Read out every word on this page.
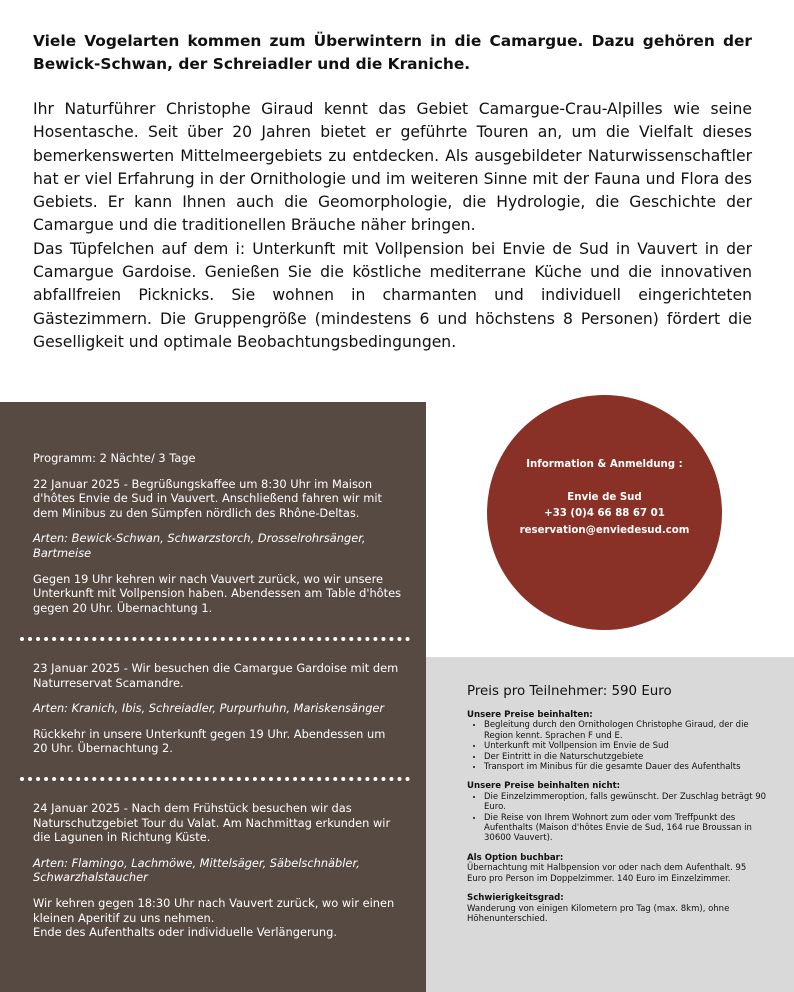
Viele Vogelarten kommen zum Überwintern in die Camargue. Dazu gehören der Bewick-Schwan, der Schreiadler und die Kraniche.

Ihr Naturführer Christophe Giraud kennt das Gebiet Camargue-Crau-Alpilles wie seine Hosentasche. Seit über 20 Jahren bietet er geführte Touren an, um die Vielfalt dieses bemerkenswerten Mittelmeergebiets zu entdecken. Als ausgebildeter Naturwissenschaftler hat er viel Erfahrung in der Ornithologie und im weiteren Sinne mit der Fauna und Flora des Gebiets. Er kann Ihnen auch die Geomorphologie, die Hydrologie, die Geschichte der Camargue und die traditionellen Bräuche näher bringen.

Das Tüpfelchen auf dem i: Unterkunft mit Vollpension bei Envie de Sud in Vauvert in der Camargue Gardoise. Genießen Sie die köstliche mediterrane Küche und die innovativen abfallfreien Picknicks. Sie wohnen in charmanten und individuell eingerichteten Gästezimmern. Die Gruppengröße (mindestens 6 und höchstens 8 Personen) fördert die Geselligkeit und optimale Beobachtungsbedingungen.

Programm: 2 Nächte/ 3 Tage

22 Januar 2025 - Begrüßungskaffee um 8:30 Uhr im Maison d'hôtes Envie de Sud in Vauvert. Anschließend fahren wir mit dem Minibus zu den Sümpfen nördlich des Rhône-Deltas.

Arten: Bewick-Schwan, Schwarzstorch, Drosselrohrsänger, Bartmeise

Gegen 19 Uhr kehren wir nach Vauvert zurück, wo wir unsere Unterkunft mit Vollpension haben. Abendessen am Table d'hôtes gegen 20 Uhr. Übernachtung 1.

23 Januar 2025 - Wir besuchen die Camargue Gardoise mit dem Naturreservat Scamandre.

Arten: Kranich, Ibis, Schreiadler, Purpurhuhn, Mariskensänger

Rückkehr in unsere Unterkunft gegen 19 Uhr. Abendessen um 20 Uhr. Übernachtung 2.

24 Januar 2025 - Nach dem Frühstück besuchen wir das Naturschutzgebiet Tour du Valat. Am Nachmittag erkunden wir die Lagunen in Richtung Küste.

Arten: Flamingo, Lachmöwe, Mittelsäger, Säbelschnäbler, Schwarzhalstaucher

Wir kehren gegen 18:30 Uhr nach Vauvert zurück, wo wir einen kleinen Aperitif zu uns nehmen.

Ende des Aufenthalts oder individuelle Verlängerung.

Information & Anmeldung :
Envie de Sud
+33 (0)4 66 88 67 01
reservation@enviedesud.com
Preis pro Teilnehmer: 590 Euro
Unsere Preise beinhalten:
• Begleitung durch den Ornithologen Christophe Giraud, der die Region kennt. Sprachen F und E.
• Unterkunft mit Vollpension im Envie de Sud
• Der Eintritt in die Naturschutzgebiete
• Transport im Minibus für die gesamte Dauer des Aufenthalts
Unsere Preise beinhalten nicht:
• Die Einzelzimmeroption, falls gewünscht. Der Zuschlag beträgt 90 Euro.
• Die Reise von Ihrem Wohnort zum oder vom Treffpunkt des Aufenthalts (Maison d'hôtes Envie de Sud, 164 rue Broussan in 30600 Vauvert).
Als Option buchbar:

Übernachtung mit Halbpension vor oder nach dem Aufenthalt. 95 Euro pro Person im Doppelzimmer. 140 Euro im Einzelzimmer.

Schwierigkeitsgrad:

Wanderung von einigen Kilometern pro Tag (max. 8km), ohne Höhenunterschied.
